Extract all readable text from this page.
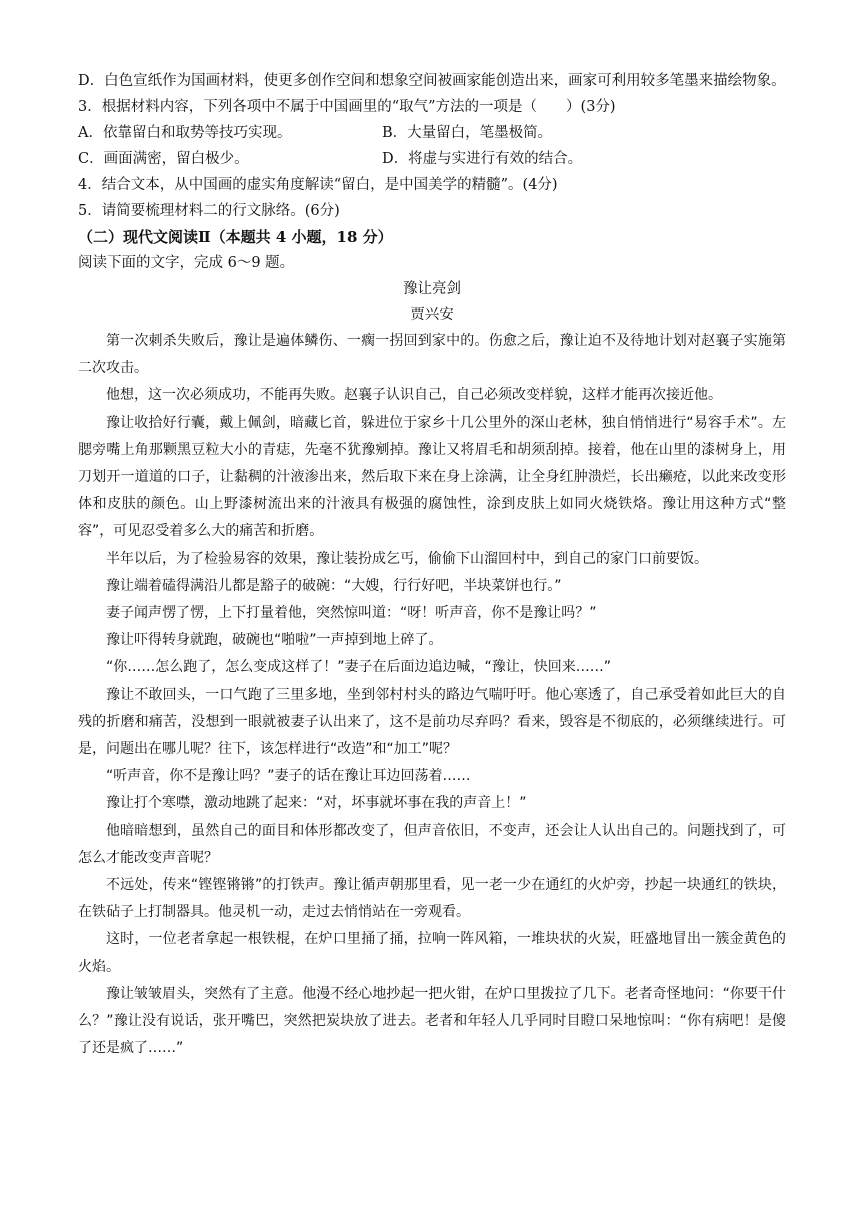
D．白色宣纸作为国画材料，使更多创作空间和想象空间被画家能创造出来，画家可利用较多笔墨来描绘物象。

3．根据材料内容，下列各项中不属于中国画里的“取气”方法的一项是（　　）(3分)

A．依靠留白和取势等技巧实现。	B．大量留白，笔墨极简。
C．画面满密，留白极少。	D．将虚与实进行有效的结合。

4．结合文本，从中国画的虚实角度解读“留白，是中国美学的精髓”。(4分)

5．请简要梳理材料二的行文脉络。(6分)

（二）现代文阅读Ⅱ（本题共 4 小题，18 分）

阅读下面的文字，完成 6～9 题。

豫让亮剑

贾兴安

第一次刺杀失败后，豫让是遍体鳞伤、一瘸一拐回到家中的。伤愈之后，豫让迫不及待地计划对赵襄子实施第二次攻击。

他想，这一次必须成功，不能再失败。赵襄子认识自己，自己必须改变样貌，这样才能再次接近他。

豫让收拾好行囊，戴上佩剑，暗藏匕首，躲进位于家乡十几公里外的深山老林，独自悄悄进行“易容手术”。左腮旁嘴上角那颗黑豆粒大小的青痣，先毫不犹豫剜掉。豫让又将眉毛和胡须刮掉。接着，他在山里的漆树身上，用刀划开一道道的口子，让黏稠的汁液渗出来，然后取下来在身上涂满，让全身红肿溃烂，长出癞疮，以此来改变形体和皮肤的颜色。山上野漆树流出来的汁液具有极强的腐蚀性，涂到皮肤上如同火烧铁烙。豫让用这种方式“整容”，可见忍受着多么大的痛苦和折磨。

半年以后，为了检验易容的效果，豫让装扮成乞丐，偷偷下山溜回村中，到自己的家门口前要饭。

豫让端着磕得满沿儿都是豁子的破碗：“大嫂，行行好吧，半块菜饼也行。”

妻子闻声愣了愣，上下打量着他，突然惊叫道：“呀！听声音，你不是豫让吗？”

豫让吓得转身就跑，破碗也“啪啦”一声掉到地上碎了。

“你……怎么跑了，怎么变成这样了！”妻子在后面边追边喊，“豫让，快回来……”

豫让不敢回头，一口气跑了三里多地，坐到邻村村头的路边气喘吁吁。他心寒透了，自己承受着如此巨大的自残的折磨和痛苦，没想到一眼就被妻子认出来了，这不是前功尽弃吗？看来，毁容是不彻底的，必须继续进行。可是，问题出在哪儿呢？往下，该怎样进行“改造”和“加工”呢？

“听声音，你不是豫让吗？”妻子的话在豫让耳边回荡着……

豫让打个寒噤，激动地跳了起来：“对，坏事就坏事在我的声音上！”

他暗暗想到，虽然自己的面目和体形都改变了，但声音依旧，不变声，还会让人认出自己的。问题找到了，可怎么才能改变声音呢？

不远处，传来“铿铿锵锵”的打铁声。豫让循声朝那里看，见一老一少在通红的火炉旁，抄起一块通红的铁块，在铁砧子上打制器具。他灵机一动，走过去悄悄站在一旁观看。

这时，一位老者拿起一根铁棍，在炉口里捅了捅，拉响一阵风箱，一堆块状的火炭，旺盛地冒出一簇金黄色的火焰。

豫让皱皱眉头，突然有了主意。他漫不经心地抄起一把火钳，在炉口里拨拉了几下。老者奇怪地问：“你要干什么？”豫让没有说话，张开嘴巴，突然把炭块放了进去。老者和年轻人几乎同时目瞪口呆地惊叫：“你有病吧！是傻了还是疯了……”
